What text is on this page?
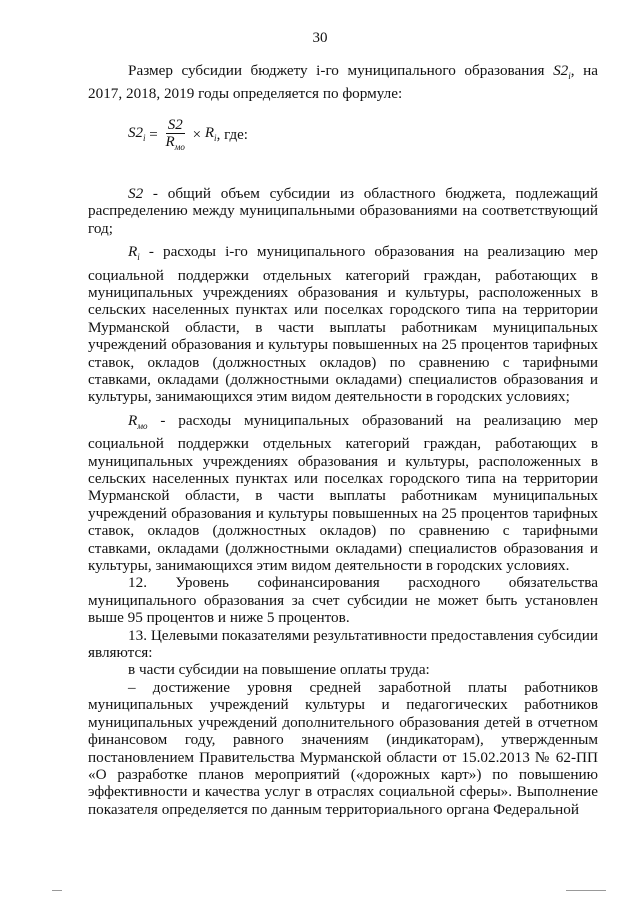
30

Размер субсидии бюджету i-го муниципального образования $S2_i$, на 2017, 2018, 2019 годы определяется по формуле:

$S2_i = \frac{S2}{R_{мо}} \times R_i$ , где:

S2 - общий объем субсидии из областного бюджета, подлежащий распределению между муниципальными образованиями на соответствующий год;

$R_i$ - расходы i-го муниципального образования на реализацию мер социальной поддержки отдельных категорий граждан, работающих в муниципальных учреждениях образования и культуры, расположенных в сельских населенных пунктах или поселках городского типа на территории Мурманской области, в части выплаты работникам муниципальных учреждений образования и культуры повышенных на 25 процентов тарифных ставок, окладов (должностных окладов) по сравнению с тарифными ставками, окладами (должностными окладами) специалистов образования и культуры, занимающихся этим видом деятельности в городских условиях;

$R_{мо}$ - расходы муниципальных образований на реализацию мер социальной поддержки отдельных категорий граждан, работающих в муниципальных учреждениях образования и культуры, расположенных в сельских населенных пунктах или поселках городского типа на территории Мурманской области, в части выплаты работникам муниципальных учреждений образования и культуры повышенных на 25 процентов тарифных ставок, окладов (должностных окладов) по сравнению с тарифными ставками, окладами (должностными окладами) специалистов образования и культуры, занимающихся этим видом деятельности в городских условиях.

12. Уровень софинансирования расходного обязательства муниципального образования за счет субсидии не может быть установлен выше 95 процентов и ниже 5 процентов.

13. Целевыми показателями результативности предоставления субсидии являются:

в части субсидии на повышение оплаты труда:

– достижение уровня средней заработной платы работников муниципальных учреждений культуры и педагогических работников муниципальных учреждений дополнительного образования детей в отчетном финансовом году, равного значениям (индикаторам), утвержденным постановлением Правительства Мурманской области от 15.02.2013 № 62-ПП «О разработке планов мероприятий («дорожных карт») по повышению эффективности и качества услуг в отраслях социальной сферы». Выполнение показателя определяется по данным территориального органа Федеральной
